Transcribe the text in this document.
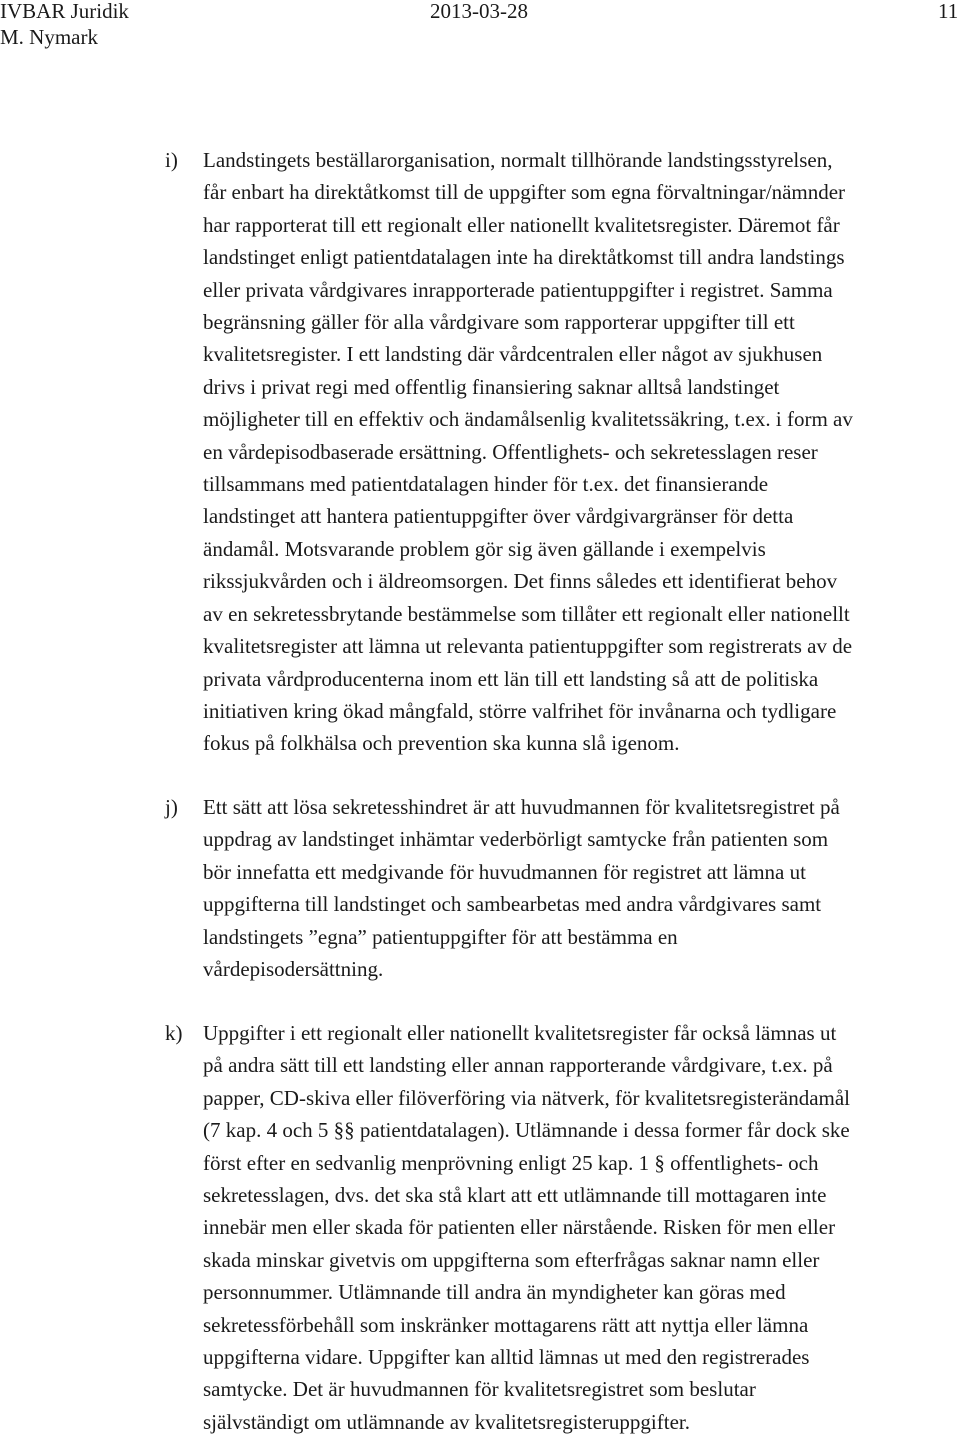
IVBAR Juridik
M. Nymark
2013-03-28	11
i) Landstingets beställarorganisation, normalt tillhörande landstingsstyrelsen,
får enbart ha direktåtkomst till de uppgifter som egna förvaltningar/nämnder
har rapporterat till ett regionalt eller nationellt kvalitetsregister. Däremot får
landstinget enligt patientdatalagen inte ha direktåtkomst till andra landstings
eller privata vårdgivares inrapporterade patientuppgifter i registret. Samma
begränsning gäller för alla vårdgivare som rapporterar uppgifter till ett
kvalitetsregister. I ett landsting där vårdcentralen eller något av sjukhusen
drivs i privat regi med offentlig finansiering saknar alltså landstinget
möjligheter till en effektiv och ändamålsenlig kvalitetssäkring, t.ex. i form av
en vårdepisodbaserade ersättning. Offentlighets- och sekretesslagen reser
tillsammans med patientdatalagen hinder för t.ex. det finansierande
landstinget att hantera patientuppgifter över vårdgivargränser för detta
ändamål. Motsvarande problem gör sig även gällande i exempelvis
rikssjukvården och i äldreomsorgen. Det finns således ett identifierat behov
av en sekretessbrytande bestämmelse som tillåter ett regionalt eller nationellt
kvalitetsregister att lämna ut relevanta patientuppgifter som registrerats av de
privata vårdproducenterna inom ett län till ett landsting så att de politiska
initiativen kring ökad mångfald, större valfrihet för invånarna och tydligare
fokus på folkhälsa och prevention ska kunna slå igenom.
j) Ett sätt att lösa sekretesshindret är att huvudmannen för kvalitetsregistret på
uppdrag av landstinget inhämtar vederbörligt samtycke från patienten som
bör innefatta ett medgivande för huvudmannen för registret att lämna ut
uppgifterna till landstinget och sambearbetas med andra vårdgivares samt
landstingets ”egna” patientuppgifter för att bestämma en
vårdepisodersättning.
k) Uppgifter i ett regionalt eller nationellt kvalitetsregister får också lämnas ut
på andra sätt till ett landsting eller annan rapporterande vårdgivare, t.ex. på
papper, CD-skiva eller filöverföring via nätverk, för kvalitetsregisterändamål
(7 kap. 4 och 5 §§ patientdatalagen). Utlämnande i dessa former får dock ske
först efter en sedvanlig menprövning enligt 25 kap. 1 § offentlighets- och
sekretesslagen, dvs. det ska stå klart att ett utlämnande till mottagaren inte
innebär men eller skada för patienten eller närstående. Risken för men eller
skada minskar givetvis om uppgifterna som efterfrågas saknar namn eller
personnummer. Utlämnande till andra än myndigheter kan göras med
sekretessförbehåll som inskränker mottagarens rätt att nyttja eller lämna
uppgifterna vidare. Uppgifter kan alltid lämnas ut med den registrerades
samtycke. Det är huvudmannen för kvalitetsregistret som beslutar
självständigt om utlämnande av kvalitetsregisteruppgifter.
